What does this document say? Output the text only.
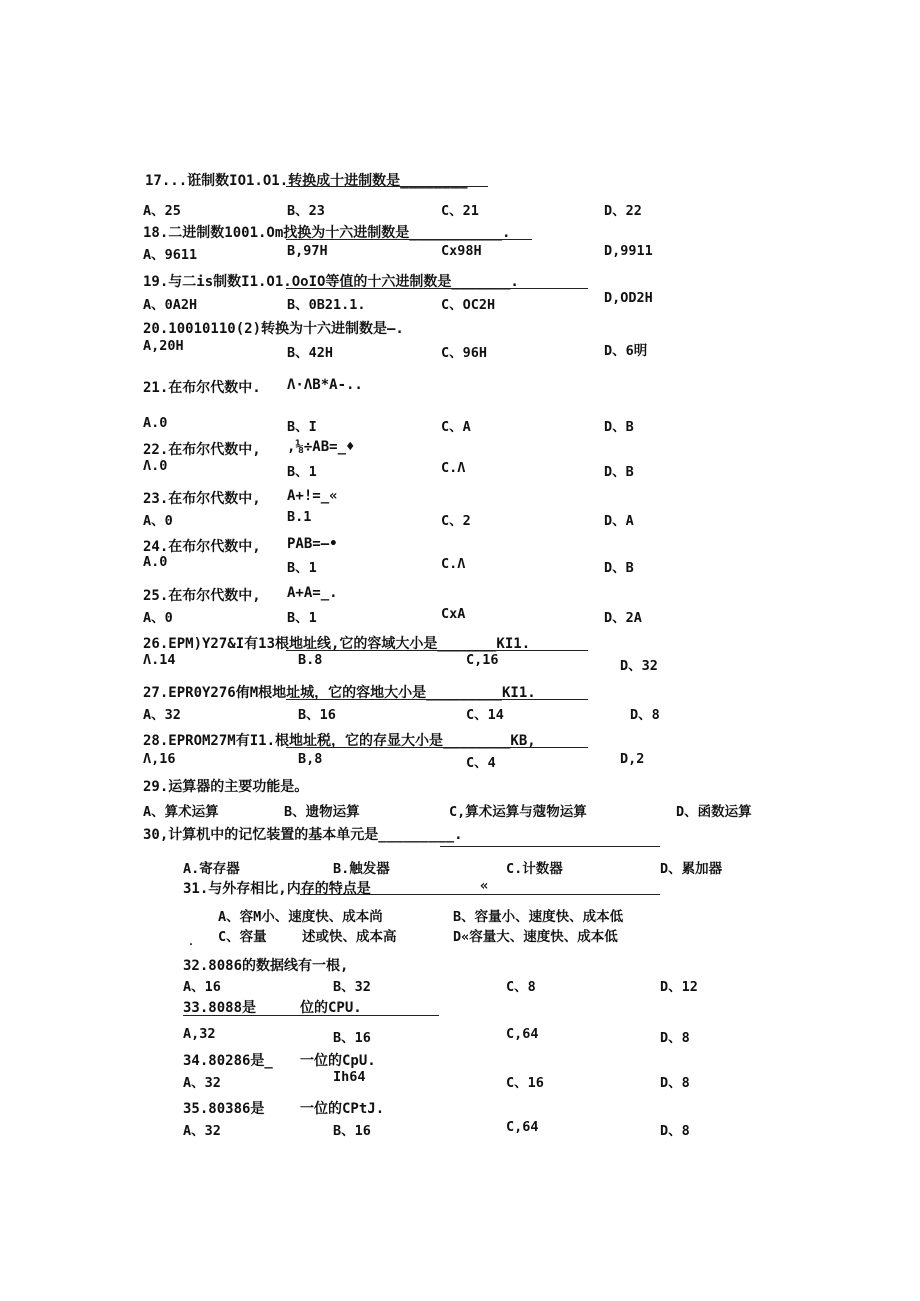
17...诳制数IO1.O1.转换成十进制数是________
A、25	B、23	C、21	D、22
18.二进制数1001.Om找换为十六进制数是___________.
A、9611	B,97H	Cx98H	D,9911
19.与二is制数I1.O1.OoIO等值的十六进制数是_______.
A、0A2H	B、0B21.1.	C、OC2H	D,OD2H
20.10010110(2)转换为十六进制数是—.
A,20H	B、42H	C、96H	D、6明
21.在布尔代数中. Λ·ΛB*A-..
A.0	B、I	C、A	D、B
22.在布尔代数中, ,⅛÷AB=_♦
Λ.0	B、1	C.Λ	D、B
23.在布尔代数中, A+!=_«
A、0	B.1	C、2	D、A
24.在布尔代数中, PAB=—•
A.0	B、1	C.Λ	D、B
25.在布尔代数中, A+A=_.
A、0	B、1	CxA	D、2A
26.EPM)Y27&I有13根地址线,它的容域大小是_______KI1.
Λ.14	B.8	C,16	D、32
27.EPR0Y276侑M根地址城，它的容地大小是_________KI1.
A、32	B、16	C、14	D、8
28.EPROM27M有I1.根地址税，它的存显大小是________KB,
Λ,16	B,8	C、4	D,2
29.运算器的主要功能是。
A、算术运算	B、遗物运算	C,算术运算与蔻物运算	D、函数运算
30,计算机中的记忆装置的基本单元是_________.
A.寄存器	B.触发器	C.计数器	D、累加器
31.与外存相比,内存的特点是	«
A、容M小、速度快、成本尚	B、容量小、速度快、成本低
C、容量	述或快、成本高	D«容量大、速度快、成本低
.
32.8086的数据线有一根,
A、16	B、32	C、8	D、12
33.8088是	位的CPU.
A,32	B、16	C,64	D、8
34.80286是_ 一位的CpU.
A、32	Ih64	C、16	D、8
35.80386是	一位的CPtJ.
A、32	B、16	C,64	D、8
